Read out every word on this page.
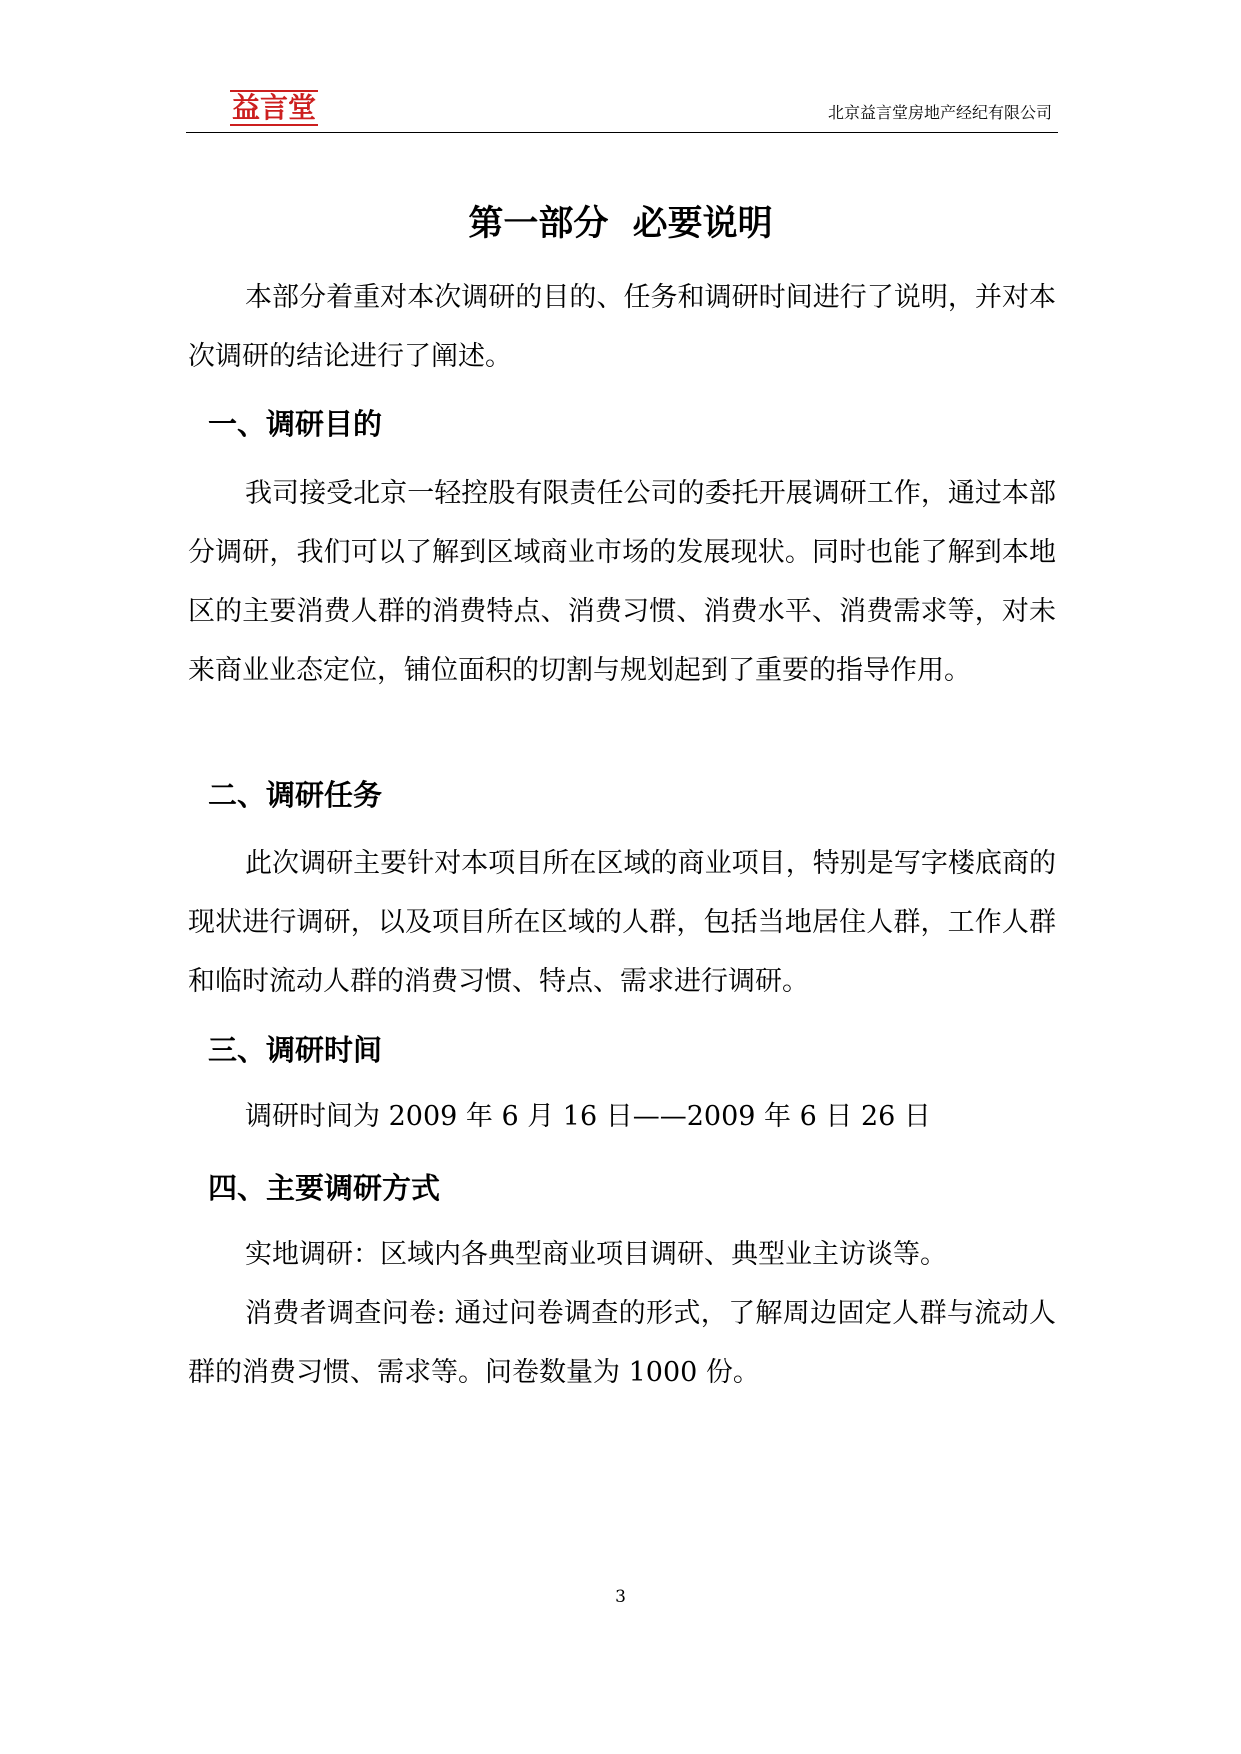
益言堂	北京益言堂房地产经纪有限公司
第一部分  必要说明

本部分着重对本次调研的目的、任务和调研时间进行了说明，并对本次调研的结论进行了阐述。

一、调研目的

我司接受北京一轻控股有限责任公司的委托开展调研工作，通过本部分调研，我们可以了解到区域商业市场的发展现状。同时也能了解到本地区的主要消费人群的消费特点、消费习惯、消费水平、消费需求等，对未来商业业态定位，铺位面积的切割与规划起到了重要的指导作用。

二、调研任务

此次调研主要针对本项目所在区域的商业项目，特别是写字楼底商的现状进行调研，以及项目所在区域的人群，包括当地居住人群，工作人群和临时流动人群的消费习惯、特点、需求进行调研。

三、调研时间

调研时间为 2009 年 6 月 16 日——2009 年 6 日 26 日

四、主要调研方式

实地调研：区域内各典型商业项目调研、典型业主访谈等。

消费者调查问卷: 通过问卷调查的形式，了解周边固定人群与流动人群的消费习惯、需求等。问卷数量为 1000 份。

3
